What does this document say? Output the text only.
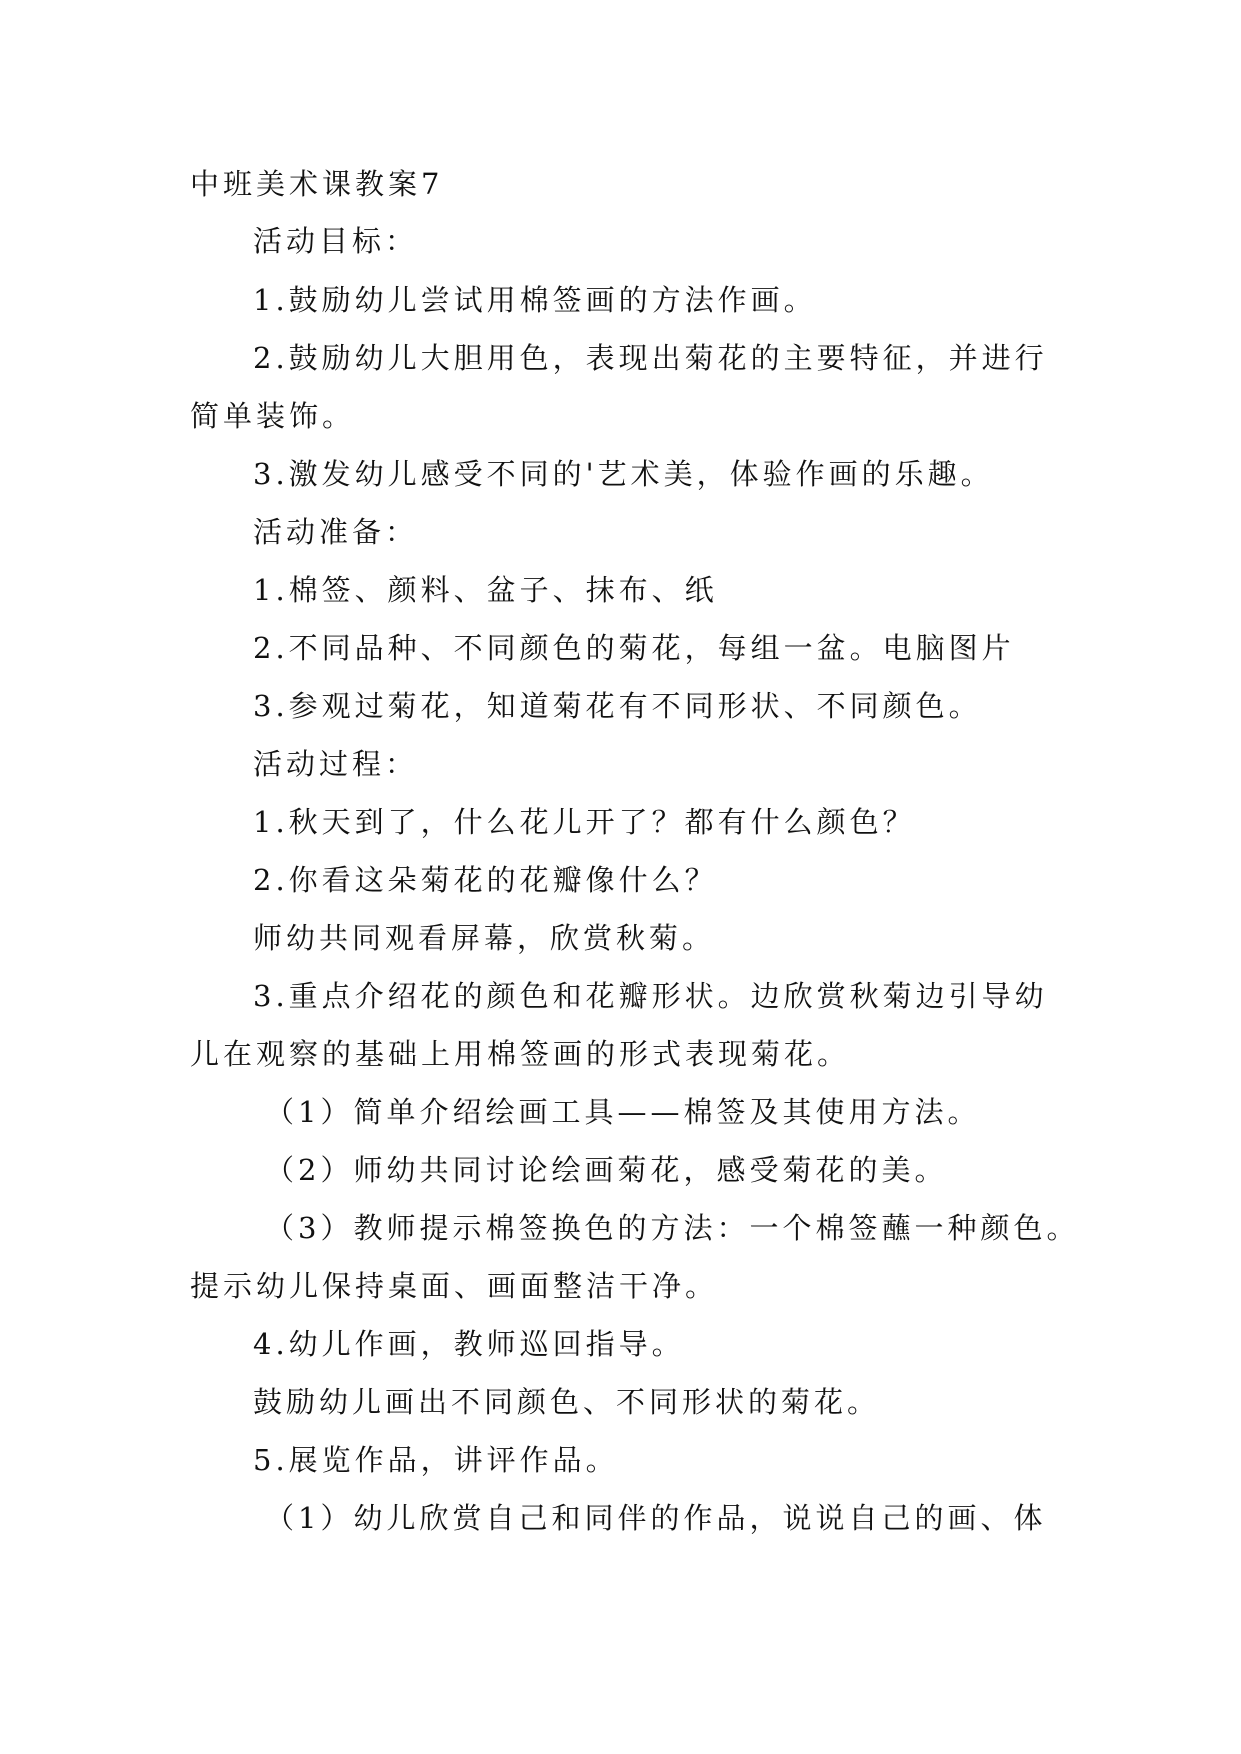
中班美术课教案7
活动目标：
1.鼓励幼儿尝试用棉签画的方法作画。
2.鼓励幼儿大胆用色，表现出菊花的主要特征，并进行
简单装饰。
3.激发幼儿感受不同的'艺术美，体验作画的乐趣。
活动准备：
1.棉签、颜料、盆子、抹布、纸
2.不同品种、不同颜色的菊花，每组一盆。电脑图片
3.参观过菊花，知道菊花有不同形状、不同颜色。
活动过程：
1.秋天到了，什么花儿开了？都有什么颜色？
2.你看这朵菊花的花瓣像什么？
师幼共同观看屏幕，欣赏秋菊。
3.重点介绍花的颜色和花瓣形状。边欣赏秋菊边引导幼
儿在观察的基础上用棉签画的形式表现菊花。
（1）简单介绍绘画工具——棉签及其使用方法。
（2）师幼共同讨论绘画菊花，感受菊花的美。
（3）教师提示棉签换色的方法：一个棉签蘸一种颜色。
提示幼儿保持桌面、画面整洁干净。
4.幼儿作画，教师巡回指导。
鼓励幼儿画出不同颜色、不同形状的菊花。
5.展览作品，讲评作品。
（1）幼儿欣赏自己和同伴的作品，说说自己的画、体
